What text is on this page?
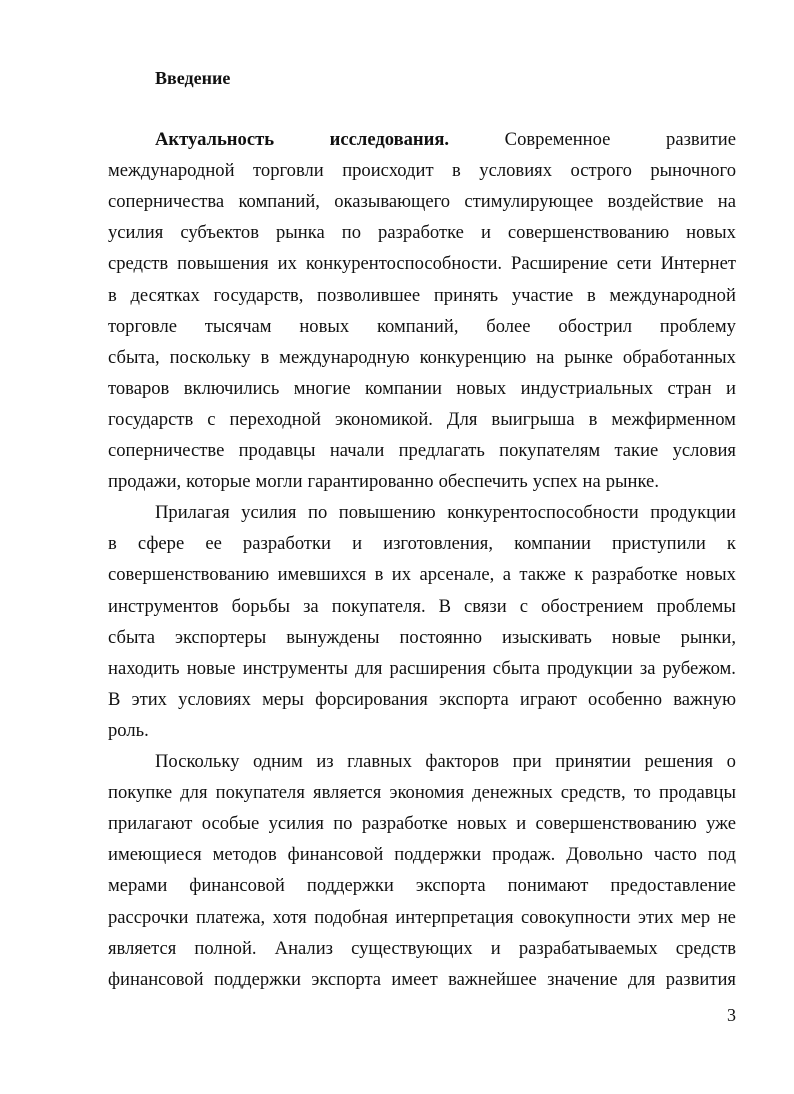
Введение
Актуальность	исследования.	Современное	развитие
международной торговли происходит в условиях острого рыночного
соперничества компаний, оказывающего стимулирующее воздействие на
усилия субъектов рынка по разработке и совершенствованию новых
средств повышения их конкурентоспособности. Расширение сети Интернет
в десятках государств, позволившее принять участие в международной
торговле тысячам новых компаний, более обострил проблему
сбыта, поскольку в международную конкуренцию на рынке обработанных
товаров включились многие компании новых индустриальных стран и
государств с переходной экономикой. Для выигрыша в межфирменном
соперничестве продавцы начали предлагать покупателям такие условия
продажи, которые могли гарантированно обеспечить успех на рынке.
Прилагая усилия по повышению конкурентоспособности продукции
в сфере ее разработки и изготовления, компании приступили к
совершенствованию имевшихся в их арсенале, а также к разработке новых
инструментов борьбы за покупателя. В связи с обострением проблемы
сбыта экспортеры вынуждены постоянно изыскивать новые рынки,
находить новые инструменты для расширения сбыта продукции за рубежом.
В этих условиях меры форсирования экспорта играют особенно важную
роль.
Поскольку одним из главных факторов при принятии решения о
покупке для покупателя является экономия денежных средств, то продавцы
прилагают особые усилия по разработке новых и совершенствованию уже
имеющиеся методов финансовой поддержки продаж. Довольно часто под
мерами финансовой поддержки экспорта понимают предоставление
рассрочки платежа, хотя подобная интерпретация совокупности этих мер не
является полной. Анализ существующих и разрабатываемых средств
финансовой поддержки экспорта имеет важнейшее значение для развития
3
